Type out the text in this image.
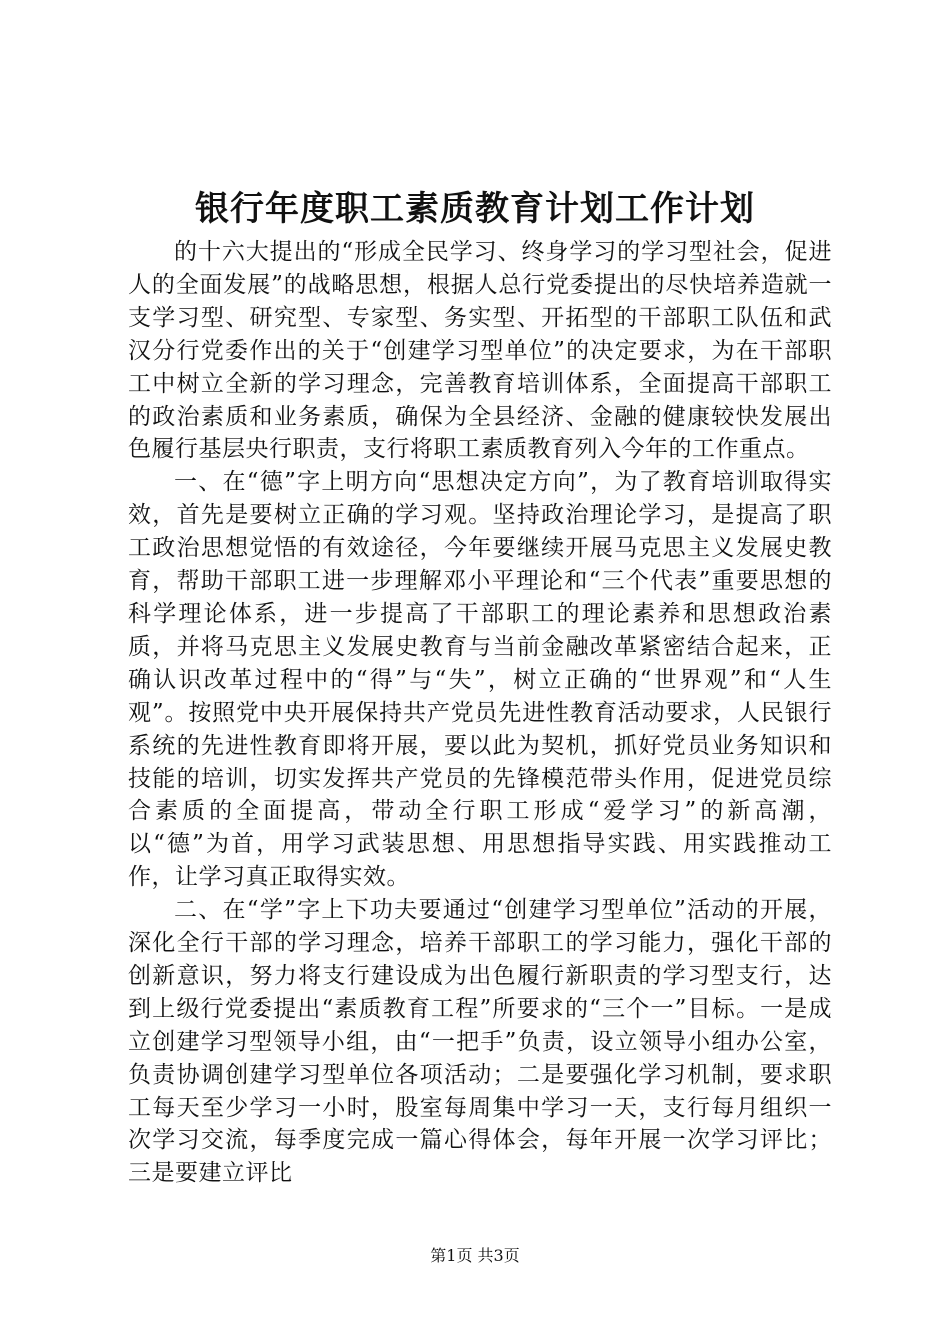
银行年度职工素质教育计划工作计划

的十六大提出的“形成全民学习、终身学习的学习型社会，促进人的全面发展”的战略思想，根据人总行党委提出的尽快培养造就一支学习型、研究型、专家型、务实型、开拓型的干部职工队伍和武汉分行党委作出的关于“创建学习型单位”的决定要求，为在干部职工中树立全新的学习理念，完善教育培训体系，全面提高干部职工的政治素质和业务素质，确保为全县经济、金融的健康较快发展出色履行基层央行职责，支行将职工素质教育列入今年的工作重点。

一、在“德”字上明方向“思想决定方向”，为了教育培训取得实效，首先是要树立正确的学习观。坚持政治理论学习，是提高了职工政治思想觉悟的有效途径，今年要继续开展马克思主义发展史教育，帮助干部职工进一步理解邓小平理论和“三个代表”重要思想的科学理论体系，进一步提高了干部职工的理论素养和思想政治素质，并将马克思主义发展史教育与当前金融改革紧密结合起来，正确认识改革过程中的“得”与“失”，树立正确的“世界观”和“人生观”。按照党中央开展保持共产党员先进性教育活动要求，人民银行系统的先进性教育即将开展，要以此为契机，抓好党员业务知识和技能的培训，切实发挥共产党员的先锋模范带头作用，促进党员综合素质的全面提高，带动全行职工形成“爱学习”的新高潮，以“德”为首，用学习武装思想、用思想指导实践、用实践推动工作，让学习真正取得实效。

二、在“学”字上下功夫要通过“创建学习型单位”活动的开展，深化全行干部的学习理念，培养干部职工的学习能力，强化干部的创新意识，努力将支行建设成为出色履行新职责的学习型支行，达到上级行党委提出“素质教育工程”所要求的“三个一”目标。一是成立创建学习型领导小组，由“一把手”负责，设立领导小组办公室，负责协调创建学习型单位各项活动；二是要强化学习机制，要求职工每天至少学习一小时，股室每周集中学习一天，支行每月组织一次学习交流，每季度完成一篇心得体会，每年开展一次学习评比；三是要建立评比

第1页 共3页
